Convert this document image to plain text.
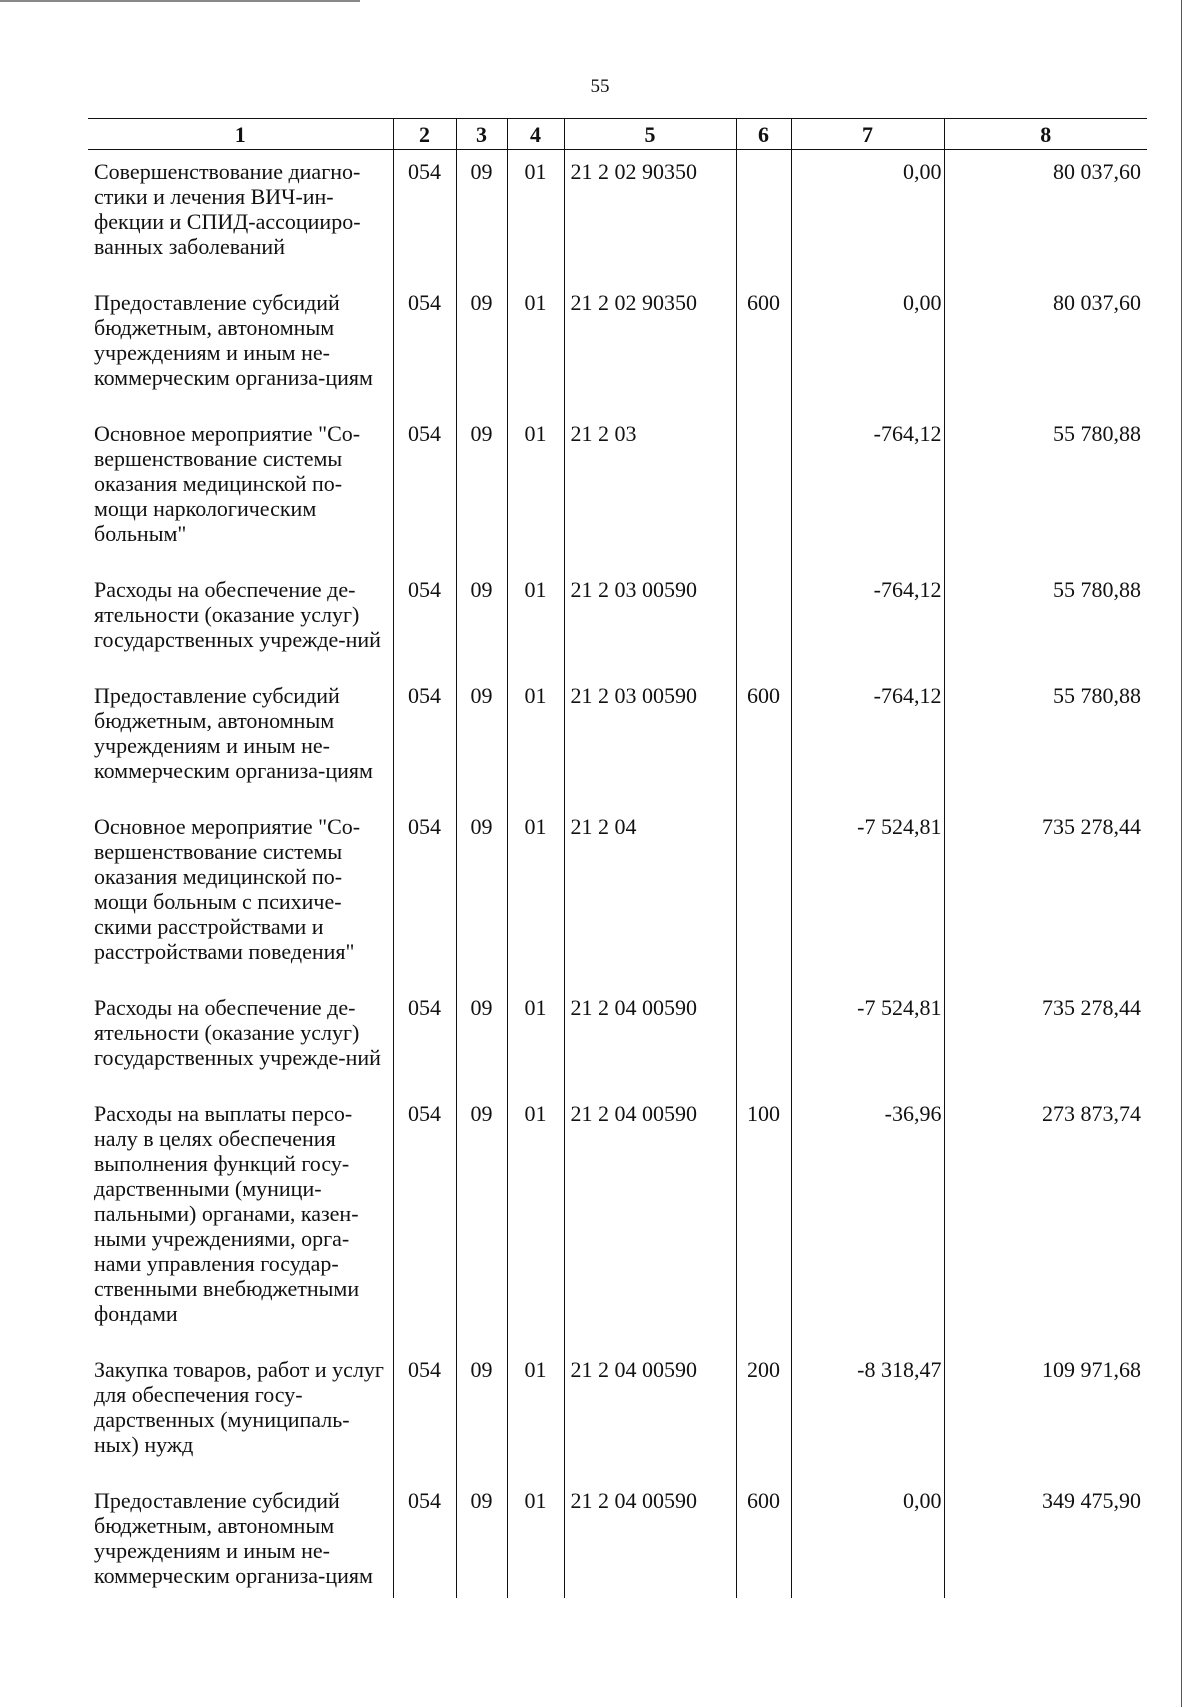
55
1	2	3	4	5	6	7	8
Совершенствование диагно-стики и лечения ВИЧ-ин-фекции и СПИД-ассоцииро-ванных заболеваний	054	09	01	21 2 02 90350		0,00	80 037,60
Предоставление субсидий бюджетным, автономным учреждениям и иным не-коммерческим организа-циям	054	09	01	21 2 02 90350	600	0,00	80 037,60
Основное мероприятие "Со-вершенствование системы оказания медицинской по-мощи наркологическим больным"	054	09	01	21 2 03		-764,12	55 780,88
Расходы на обеспечение де-ятельности (оказание услуг) государственных учрежде-ний	054	09	01	21 2 03 00590		-764,12	55 780,88
Предоставление субсидий бюджетным, автономным учреждениям и иным не-коммерческим организа-циям	054	09	01	21 2 03 00590	600	-764,12	55 780,88
Основное мероприятие "Со-вершенствование системы оказания медицинской по-мощи больным с психиче-скими расстройствами и расстройствами поведения"	054	09	01	21 2 04		-7 524,81	735 278,44
Расходы на обеспечение де-ятельности (оказание услуг) государственных учрежде-ний	054	09	01	21 2 04 00590		-7 524,81	735 278,44
Расходы на выплаты персо-налу в целях обеспечения выполнения функций госу-дарственными (муници-пальными) органами, казен-ными учреждениями, орга-нами управления государ-ственными внебюджетными фондами	054	09	01	21 2 04 00590	100	-36,96	273 873,74
Закупка товаров, работ и услуг для обеспечения госу-дарственных (муниципаль-ных) нужд	054	09	01	21 2 04 00590	200	-8 318,47	109 971,68
Предоставление субсидий бюджетным, автономным учреждениям и иным не-коммерческим организа-циям	054	09	01	21 2 04 00590	600	0,00	349 475,90
